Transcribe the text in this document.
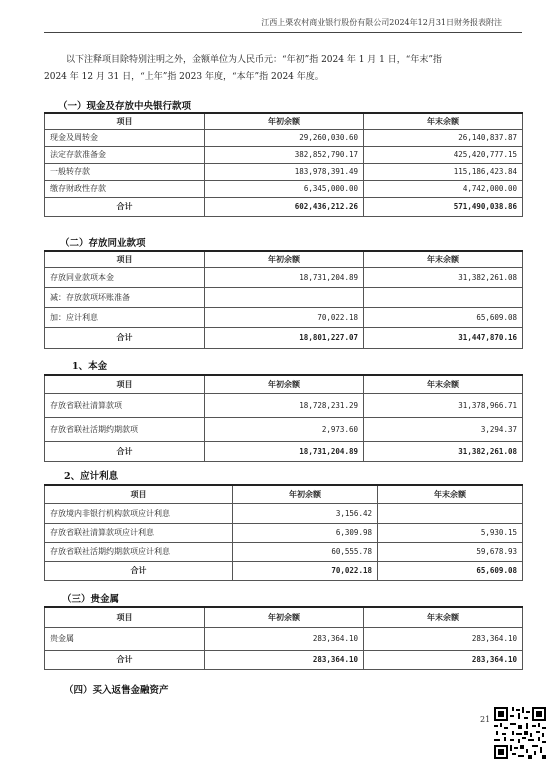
江西上栗农村商业银行股份有限公司2024年12月31日财务报表附注
以下注释项目除特别注明之外，金额单位为人民币元：“年初”指 2024 年 1 月 1 日，“年末”指
2024 年 12 月 31 日，“上年”指 2023 年度，“本年”指 2024 年度。
（一）现金及存放中央银行款项
项目	年初余额	年末余额
现金及周转金	29,260,030.60	26,140,837.87
法定存款准备金	382,852,790.17	425,420,777.15
一般转存款	183,978,391.49	115,186,423.84
缴存财政性存款	6,345,000.00	4,742,000.00
合计	602,436,212.26	571,490,038.86
（二）存放同业款项
项目	年初余额	年末余额
存放同业款项本金	18,731,204.89	31,382,261.08
减：存放款项坏账准备		
加：应计利息	70,022.18	65,609.08
合计	18,801,227.07	31,447,870.16
1、本金
项目	年初余额	年末余额
存放省联社清算款项	18,728,231.29	31,378,966.71
存放省联社活期约期款项	2,973.60	3,294.37
合计	18,731,204.89	31,382,261.08
2、应计利息
项目	年初余额	年末余额
存放境内非银行机构款项应计利息	3,156.42	
存放省联社清算款项应计利息	6,309.98	5,930.15
存放省联社活期约期款项应计利息	60,555.78	59,678.93
合计	70,022.18	65,609.08
（三）贵金属
项目	年初余额	年末余额
贵金属	283,364.10	283,364.10
合计	283,364.10	283,364.10
（四）买入返售金融资产
21
